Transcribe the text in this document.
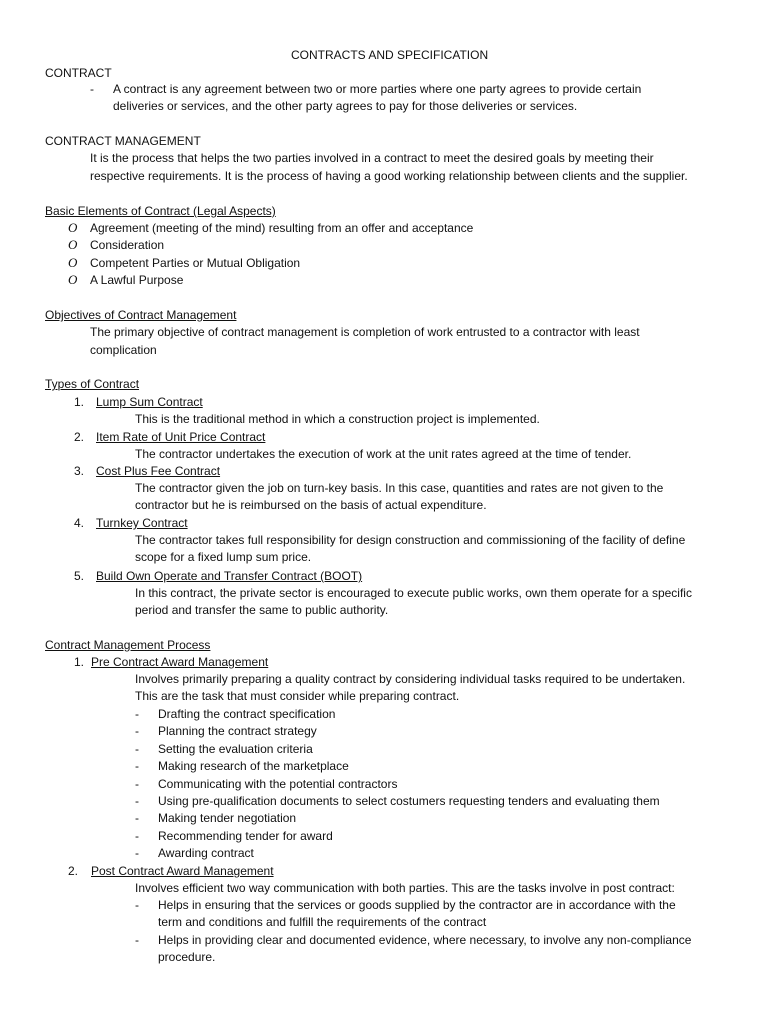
CONTRACTS AND SPECIFICATION
CONTRACT
- A contract is any agreement between two or more parties where one party agrees to provide certain
deliveries or services, and the other party agrees to pay for those deliveries or services.
CONTRACT MANAGEMENT
It is the process that helps the two parties involved in a contract to meet the desired goals by meeting their
respective requirements. It is the process of having a good working relationship between clients and the supplier.
Basic Elements of Contract (Legal Aspects)
O Agreement (meeting of the mind) resulting from an offer and acceptance
O Consideration
O Competent Parties or Mutual Obligation
O A Lawful Purpose
Objectives of Contract Management
The primary objective of contract management is completion of work entrusted to a contractor with least
complication
Types of Contract
1. Lump Sum Contract
This is the traditional method in which a construction project is implemented.
2. Item Rate of Unit Price Contract
The contractor undertakes the execution of work at the unit rates agreed at the time of tender.
3. Cost Plus Fee Contract
The contractor given the job on turn-key basis. In this case, quantities and rates are not given to the
contractor but he is reimbursed on the basis of actual expenditure.
4. Turnkey Contract
The contractor takes full responsibility for design construction and commissioning of the facility of define
scope for a fixed lump sum price.
5. Build Own Operate and Transfer Contract (BOOT)
In this contract, the private sector is encouraged to execute public works, own them operate for a specific
period and transfer the same to public authority.
Contract Management Process
1. Pre Contract Award Management
Involves primarily preparing a quality contract by considering individual tasks required to be undertaken.
This are the task that must consider while preparing contract.
- Drafting the contract specification
- Planning the contract strategy
- Setting the evaluation criteria
- Making research of the marketplace
- Communicating with the potential contractors
- Using pre-qualification documents to select costumers requesting tenders and evaluating them
- Making tender negotiation
- Recommending tender for award
- Awarding contract
2. Post Contract Award Management
Involves efficient two way communication with both parties. This are the tasks involve in post contract:
- Helps in ensuring that the services or goods supplied by the contractor are in accordance with the
term and conditions and fulfill the requirements of the contract
- Helps in providing clear and documented evidence, where necessary, to involve any non-compliance
procedure.
